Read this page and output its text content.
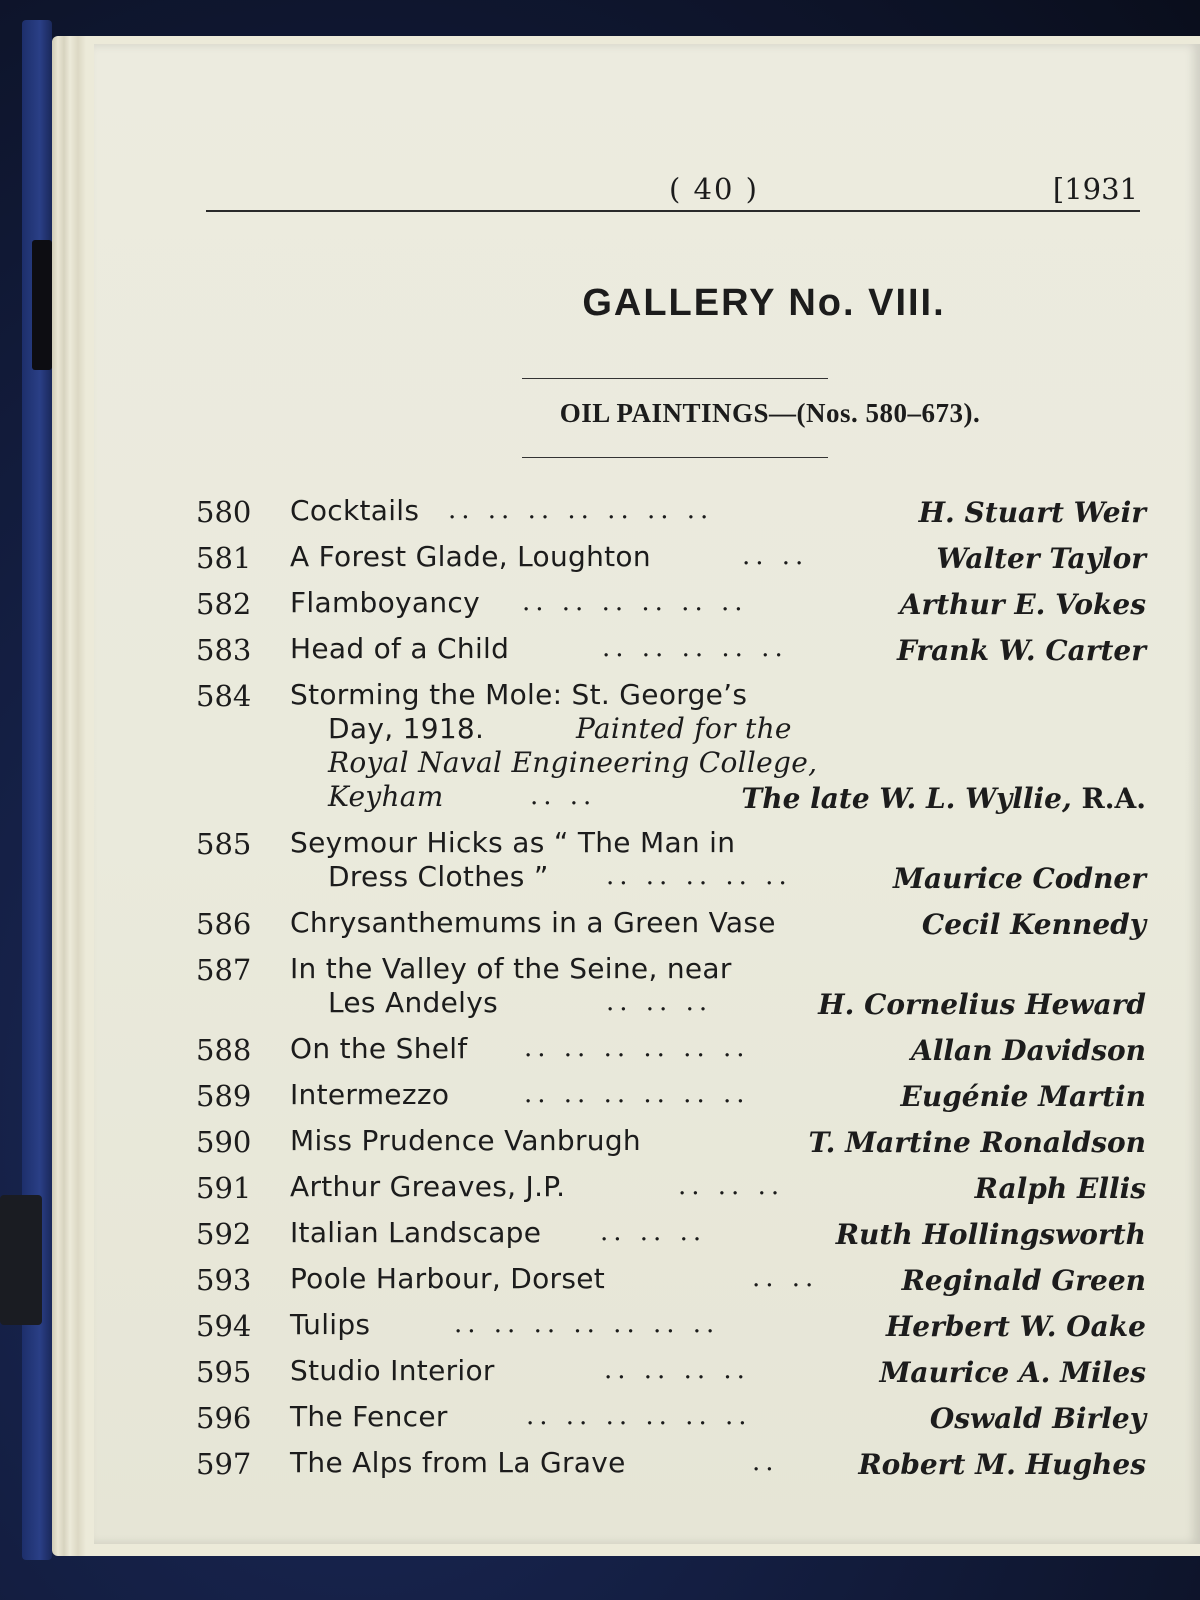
( 40 )	[1931
GALLERY No. VIII.
OIL PAINTINGS—(Nos. 580–673).
580	Cocktails .. .. .. .. .. .. ..	H. Stuart Weir
581	A Forest Glade, Loughton	.. ..	Walter Taylor
582	Flamboyancy .. .. .. .. .. ..	Arthur E. Vokes
583	Head of a Child	.. .. .. .. ..	Frank W. Carter
584	Storming the Mole: St. George’s
Day, 1918.	Painted for the
Royal Naval Engineering College,
Keyham	.. ..	The late W. L. Wyllie, R.A.
585	Seymour Hicks as “ The Man in
Dress Clothes ” .. .. .. .. ..	Maurice Codner
586	Chrysanthemums in a Green Vase	Cecil Kennedy
587	In the Valley of the Seine, near
Les Andelys	.. .. ..	H. Cornelius Heward
588	On the Shelf .. .. .. .. .. ..	Allan Davidson
589	Intermezzo	.. .. .. .. .. ..	Eugénie Martin
590	Miss Prudence Vanbrugh	T. Martine Ronaldson
591	Arthur Greaves, J.P.	.. .. ..	Ralph Ellis
592	Italian Landscape .. .. ..	Ruth Hollingsworth
593	Poole Harbour, Dorset	.. ..	Reginald Green
594	Tulips	.. .. .. .. .. .. ..	Herbert W. Oake
595	Studio Interior	.. .. .. ..	Maurice A. Miles
596	The Fencer	.. .. .. .. .. ..	Oswald Birley
597	The Alps from La Grave	..	Robert M. Hughes
